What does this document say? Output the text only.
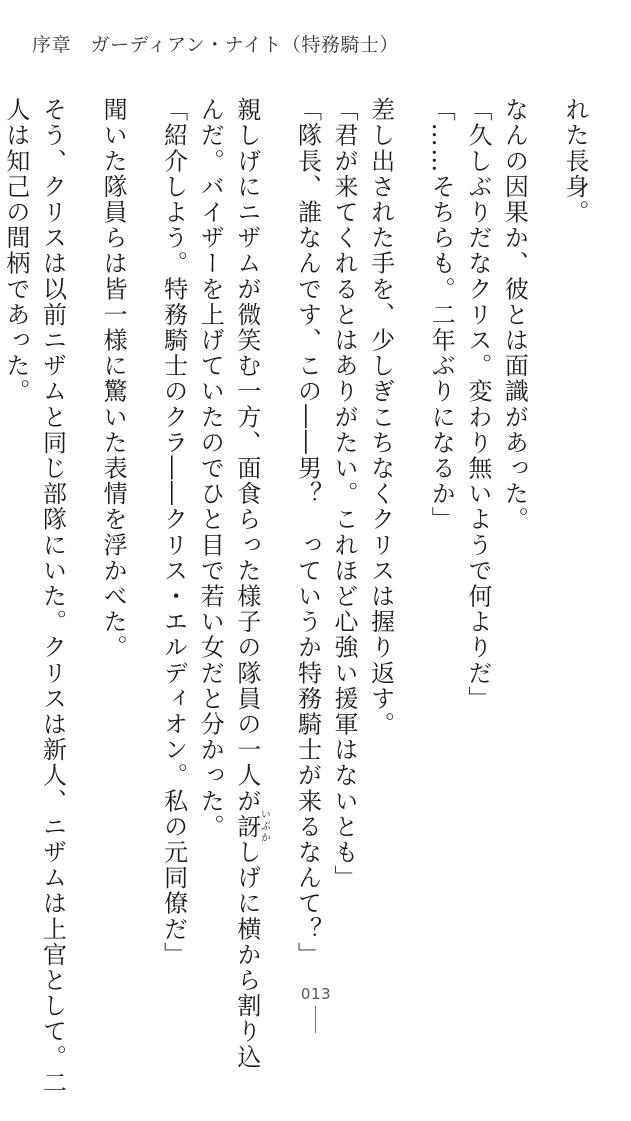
序章　ガーディアン・ナイト（特務騎士）
れた長身。
なんの因果か、彼とは面識があった。
「久しぶりだなクリス。変わり無いようで何よりだ」
「……そちらも。二年ぶりになるか」
差し出された手を、少しぎこちなくクリスは握り返す。
「君が来てくれるとはありがたい。これほど心強い援軍はないとも」
「隊長、誰なんです、この――男？　っていうか特務騎士が来るなんて？」
親しげにニザムが微笑む一方、面食らった様子の隊員の一人が訝いぶかしげに横から割り込
んだ。バイザーを上げていたのでひと目で若い女だと分かった。
「紹介しよう。特務騎士のクラ――クリス・エルディオン。私の元同僚だ」
聞いた隊員らは皆一様に驚いた表情を浮かべた。
そう、クリスは以前ニザムと同じ部隊にいた。クリスは新人、ニザムは上官として。二
人は知己の間柄であった。
013
